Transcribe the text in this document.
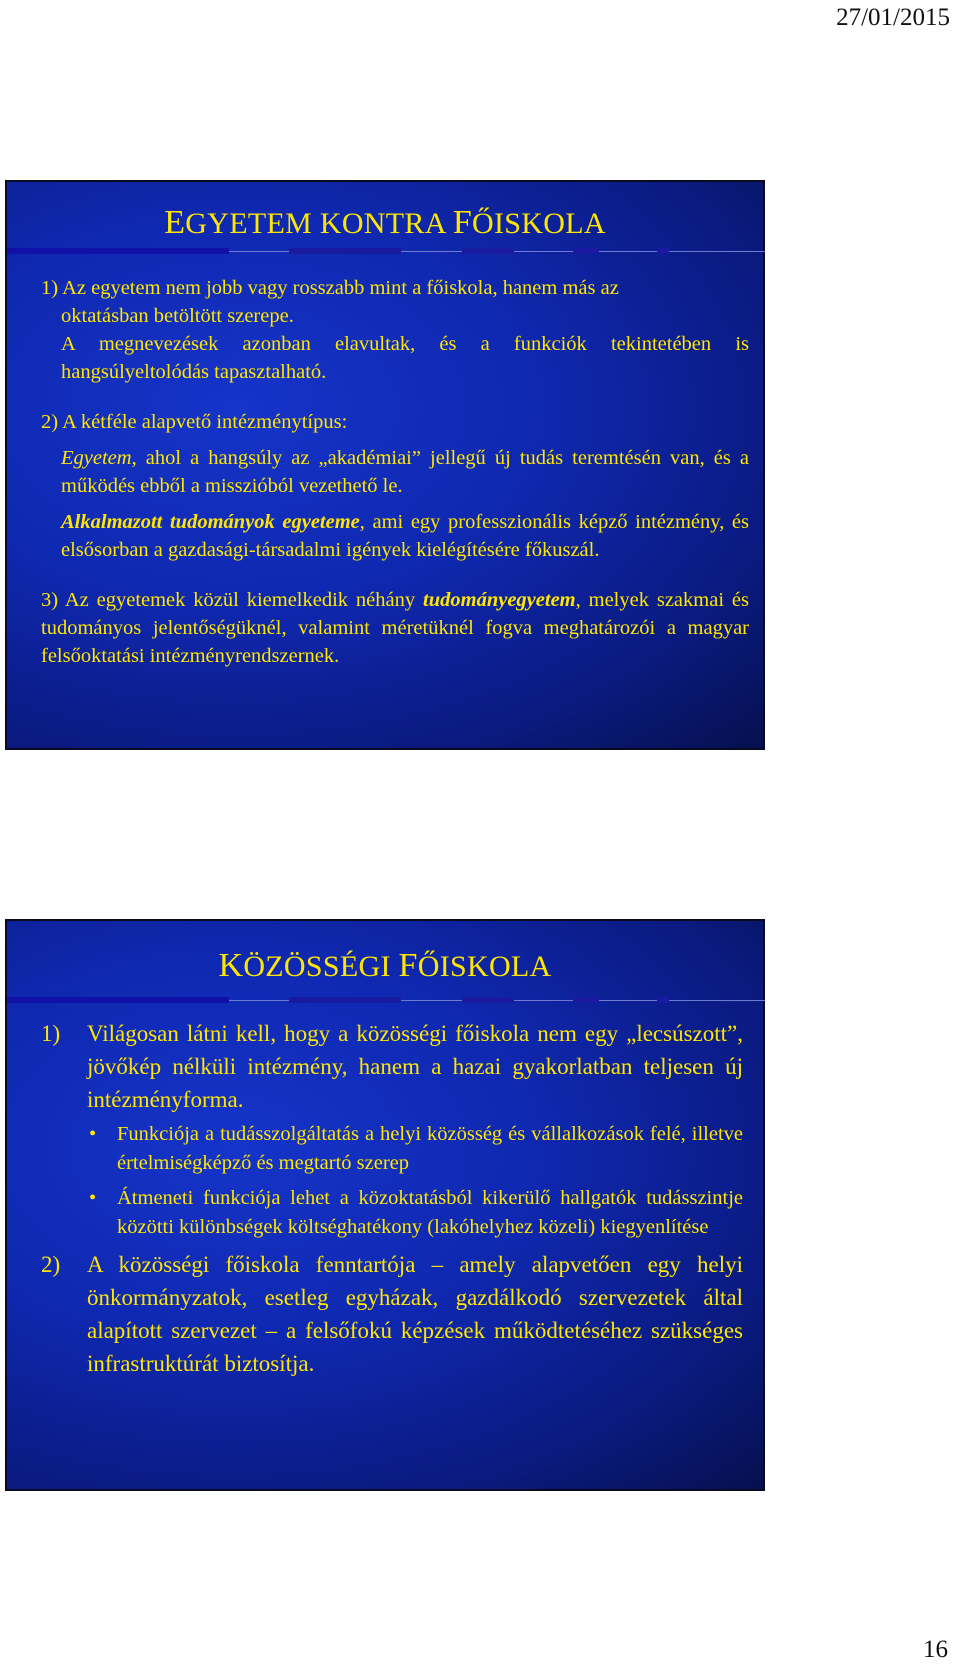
27/01/2015
EGYETEM KONTRA FŐISKOLA

1) Az egyetem nem jobb vagy rosszabb mint a főiskola, hanem más az

oktatásban betöltött szerepe.

A megnevezések azonban elavultak, és a funkciók tekintetében is hangsúlyeltolódás tapasztalható.

2) A kétféle alapvető intézménytípus:

Egyetem, ahol a hangsúly az „akadémiai” jellegű új tudás teremtésén van, és a működés ebből a misszióból vezethető le.

Alkalmazott tudományok egyeteme, ami egy professzionális képző intézmény, és elsősorban a gazdasági-társadalmi igények kielégítésére főkuszál.

3) Az egyetemek közül kiemelkedik néhány tudományegyetem, melyek szakmai és tudományos jelentőségüknél, valamint méretüknél fogva meghatározói a magyar felsőoktatási intézményrendszernek.

KÖZÖSSÉGI FŐISKOLA
1) Világosan látni kell, hogy a közösségi főiskola nem egy „lecsúszott”, jövőkép nélküli intézmény, hanem a hazai gyakorlatban teljesen új intézményforma.
• Funkciója a tudásszolgáltatás a helyi közösség és vállalkozások felé, illetve értelmiségképző és megtartó szerep
• Átmeneti funkciója lehet a közoktatásból kikerülő hallgatók tudásszintje közötti különbségek költséghatékony (lakóhelyhez közeli) kiegyenlítése
2) A közösségi főiskola fenntartója – amely alapvetően egy helyi önkormányzatok, esetleg egyházak, gazdálkodó szervezetek által alapított szervezet – a felsőfokú képzések működtetéséhez szükséges infrastruktúrát biztosítja.
16
